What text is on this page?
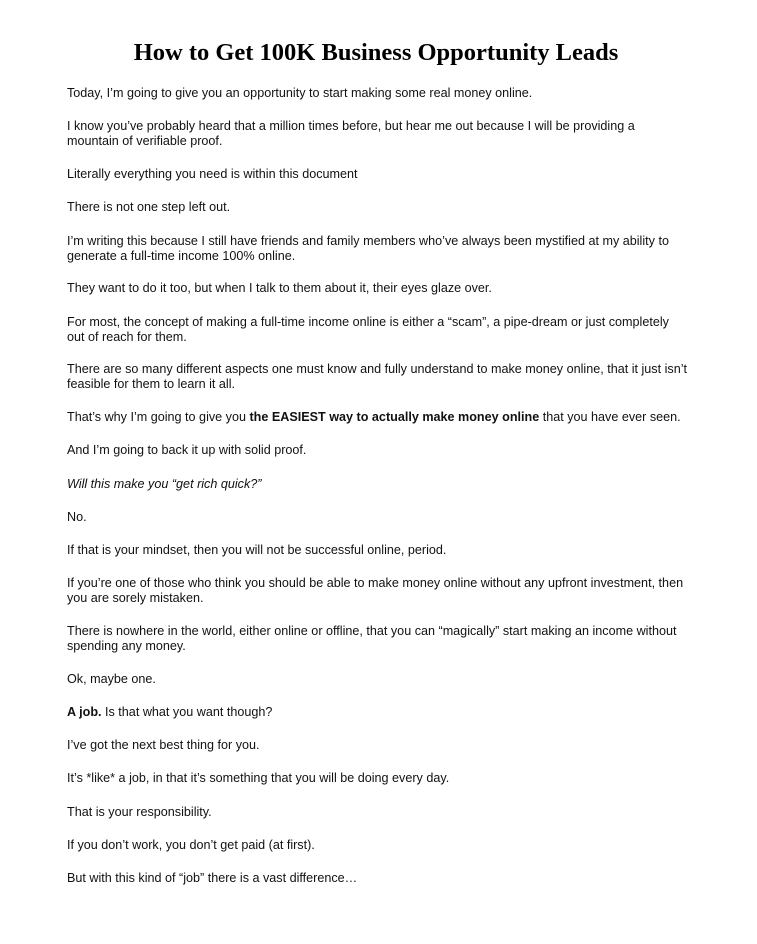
How to Get 100K Business Opportunity Leads

Today, I’m going to give you an opportunity to start making some real money online.

I know you’ve probably heard that a million times before, but hear me out because I will be providing a
mountain of verifiable proof.

Literally everything you need is within this document

There is not one step left out.

I’m writing this because I still have friends and family members who’ve always been mystified at my ability to
generate a full-time income 100% online.

They want to do it too, but when I talk to them about it, their eyes glaze over.

For most, the concept of making a full-time income online is either a “scam”, a pipe-dream or just completely
out of reach for them.

There are so many different aspects one must know and fully understand to make money online, that it just isn’t
feasible for them to learn it all.

That’s why I’m going to give you the EASIEST way to actually make money online that you have ever seen.

And I’m going to back it up with solid proof.

Will this make you “get rich quick?”

No.

If that is your mindset, then you will not be successful online, period.

If you’re one of those who think you should be able to make money online without any upfront investment, then
you are sorely mistaken.

There is nowhere in the world, either online or offline, that you can “magically” start making an income without
spending any money.

Ok, maybe one.

A job. Is that what you want though?

I’ve got the next best thing for you.

It’s *like* a job, in that it’s something that you will be doing every day.

That is your responsibility.

If you don’t work, you don’t get paid (at first).

But with this kind of “job” there is a vast difference…
